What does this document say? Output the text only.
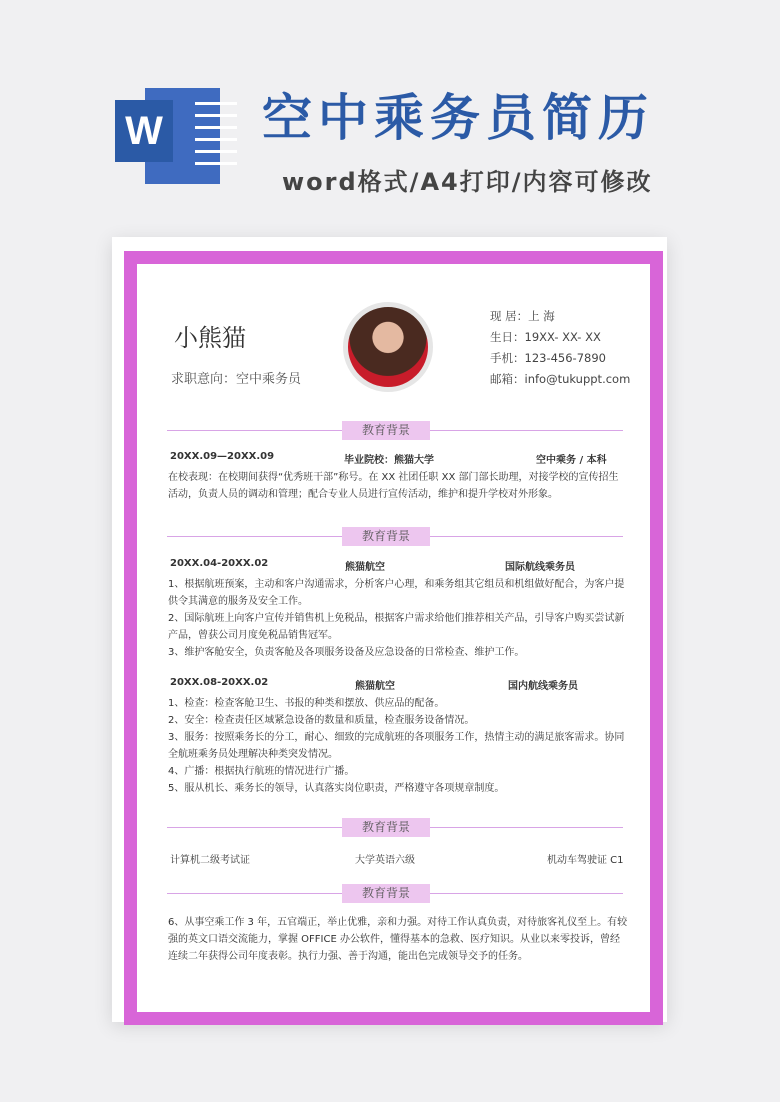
W 空中乘务员简历
word格式/A4打印/内容可修改
小熊猫
求职意向：空中乘务员
现 居：上 海
生日：19XX- XX- XX
手机：123-456-7890
邮箱：info@tukuppt.com
教育背景
20XX.09—20XX.09	毕业院校：熊猫大学	空中乘务 / 本科
在校表现：在校期间获得“优秀班干部”称号。在 XX 社团任职 XX 部门部长助理，对接学校的宣传招生活动，负责人员的调动和管理；配合专业人员进行宣传活动，维护和提升学校对外形象。
教育背景
20XX.04-20XX.02	熊猫航空	国际航线乘务员
1、根据航班预案，主动和客户沟通需求，分析客户心理，和乘务组其它组员和机组做好配合，为客户提供令其满意的服务及安全工作。
2、国际航班上向客户宣传并销售机上免税品，根据客户需求给他们推荐相关产品，引导客户购买尝试新产品，曾获公司月度免税品销售冠军。
3、维护客舱安全，负责客舱及各项服务设备及应急设备的日常检查、维护工作。
20XX.08-20XX.02	熊猫航空	国内航线乘务员
1、检查：检查客舱卫生、书报的种类和摆放、供应品的配备。
2、安全：检查责任区域紧急设备的数量和质量，检查服务设备情况。
3、服务：按照乘务长的分工，耐心、细致的完成航班的各项服务工作，热情主动的满足旅客需求。协同全航班乘务员处理解决种类突发情况。
4、广播：根据执行航班的情况进行广播。
5、服从机长、乘务长的领导，认真落实岗位职责，严格遵守各项规章制度。
教育背景
计算机二级考试证	大学英语六级	机动车驾驶证 C1
教育背景
6、从事空乘工作 3 年，五官端正，举止优雅，亲和力强。对待工作认真负责，对待旅客礼仪至上。有较强的英文口语交流能力，掌握 OFFICE 办公软件，懂得基本的急救、医疗知识。从业以来零投诉，曾经连续二年获得公司年度表彰。执行力强、善于沟通，能出色完成领导交予的任务。
